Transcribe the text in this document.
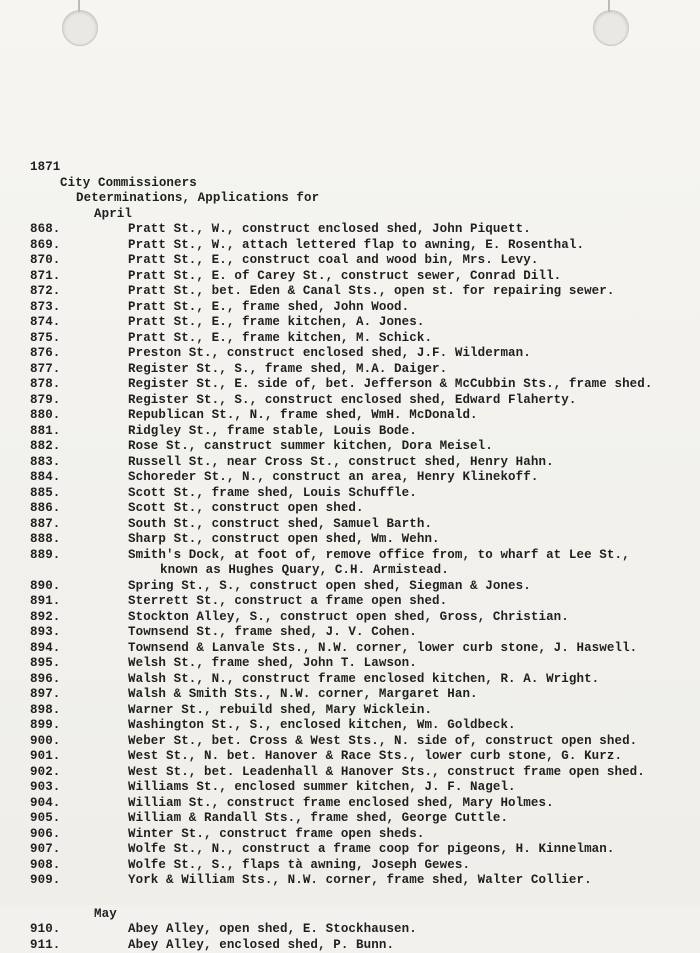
1871
City Commissioners
Determinations, Applications for
April
868.	Pratt St., W., construct enclosed shed, John Piquett.
869.	Pratt St., W., attach lettered flap to awning, E. Rosenthal.
870.	Pratt St., E., construct coal and wood bin, Mrs. Levy.
871.	Pratt St., E. of Carey St., construct sewer, Conrad Dill.
872.	Pratt St., bet. Eden & Canal Sts., open st. for repairing sewer.
873.	Pratt St., E., frame shed, John Wood.
874.	Pratt St., E., frame kitchen, A. Jones.
875.	Pratt St., E., frame kitchen, M. Schick.
876.	Preston St., construct enclosed shed, J.F. Wilderman.
877.	Register St., S., frame shed, M.A. Daiger.
878.	Register St., E. side of, bet. Jefferson & McCubbin Sts., frame shed.
879.	Register St., S., construct enclosed shed, Edward Flaherty.
880.	Republican St., N., frame shed, WmH. McDonald.
881.	Ridgley St., frame stable, Louis Bode.
882.	Rose St., canstruct summer kitchen, Dora Meisel.
883.	Russell St., near Cross St., construct shed, Henry Hahn.
884.	Schoreder St., N., construct an area, Henry Klinekoff.
885.	Scott St., frame shed, Louis Schuffle.
886.	Scott St., construct open shed.
887.	South St., construct shed, Samuel Barth.
888.	Sharp St., construct open shed, Wm. Wehn.
889.	Smith's Dock, at foot of, remove office from, to wharf at Lee St.,
known as Hughes Quary, C.H. Armistead.
890.	Spring St., S., construct open shed, Siegman & Jones.
891.	Sterrett St., construct a frame open shed.
892.	Stockton Alley, S., construct open shed, Gross, Christian.
893.	Townsend St., frame shed, J. V. Cohen.
894.	Townsend & Lanvale Sts., N.W. corner, lower curb stone, J. Haswell.
895.	Welsh St., frame shed, John T. Lawson.
896.	Walsh St., N., construct frame enclosed kitchen, R. A. Wright.
897.	Walsh & Smith Sts., N.W. corner, Margaret Han.
898.	Warner St., rebuild shed, Mary Wicklein.
899.	Washington St., S., enclosed kitchen, Wm. Goldbeck.
900.	Weber St., bet. Cross & West Sts., N. side of, construct open shed.
901.	West St., N. bet. Hanover & Race Sts., lower curb stone, G. Kurz.
902.	West St., bet. Leadenhall & Hanover Sts., construct frame open shed.
903.	Williams St., enclosed summer kitchen, J. F. Nagel.
904.	William St., construct frame enclosed shed, Mary Holmes.
905.	William & Randall Sts., frame shed, George Cuttle.
906.	Winter St., construct frame open sheds.
907.	Wolfe St., N., construct a frame coop for pigeons, H. Kinnelman.
908.	Wolfe St., S., flaps tà awning, Joseph Gewes.
909.	York & William Sts., N.W. corner, frame shed, Walter Collier.
May
910.	Abey Alley, open shed, E. Stockhausen.
911.	Abey Alley, enclosed shed, P. Bunn.
